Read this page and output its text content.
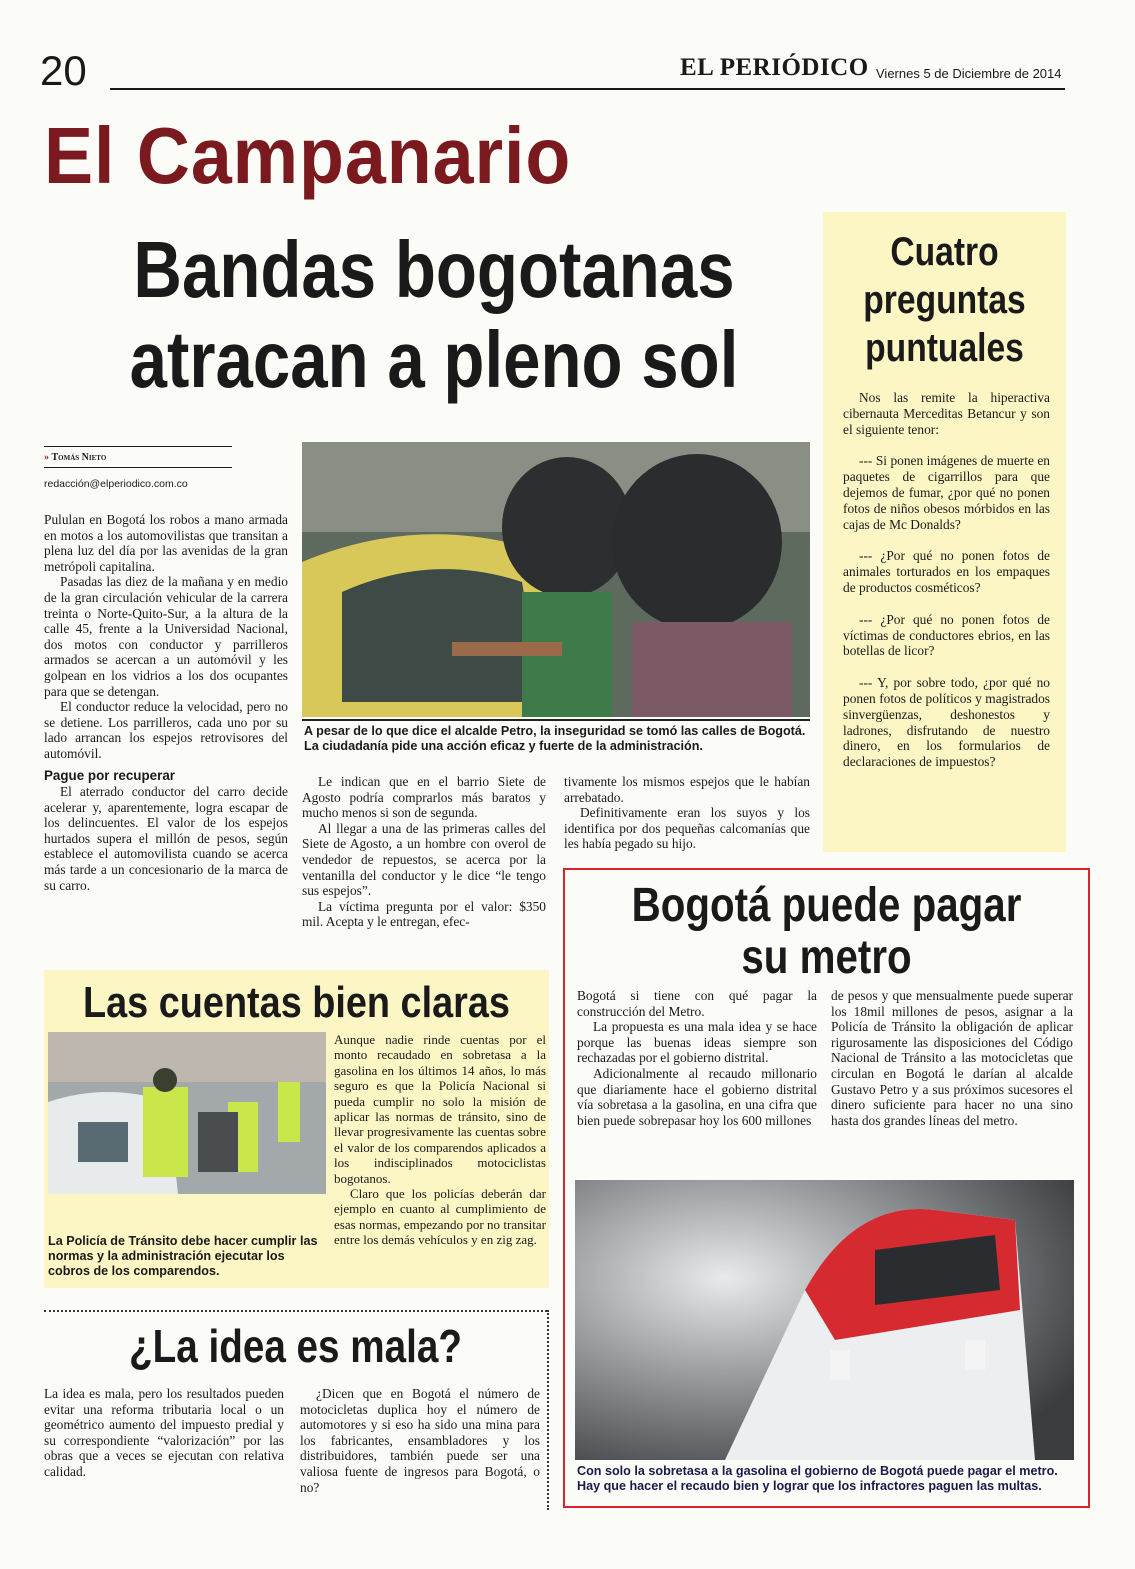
20	EL PERIÓDICO Viernes 5 de Diciembre de 2014
El Campanario
Bandas bogotanas
atracan a pleno sol
» Tomás Nieto
redacción@elperiodico.com.co

Pululan en Bogotá los robos a mano armada en motos a los automovilistas que transitan a plena luz del día por las avenidas de la gran metrópoli capitalina.

Pasadas las diez de la mañana y en medio de la gran circulación vehicular de la carrera treinta o Norte-Quito-Sur, a la altura de la calle 45, frente a la Universidad Nacional, dos motos con conductor y parrilleros armados se acercan a un automóvil y les golpean en los vidrios a los dos ocupantes para que se detengan.

El conductor reduce la velocidad, pero no se detiene. Los parrilleros, cada uno por su lado arrancan los espejos retrovisores del automóvil.

Pague por recuperar

El aterrado conductor del carro decide acelerar y, aparentemente, logra escapar de los delincuentes. El valor de los espejos hurtados supera el millón de pesos, según establece el automovilista cuando se acerca más tarde a un concesionario de la marca de su carro.

A pesar de lo que dice el alcalde Petro, la inseguridad se tomó las calles de Bogotá. La ciudadanía pide una acción eficaz y fuerte de la administración.

Le indican que en el barrio Siete de Agosto podría comprarlos más baratos y mucho menos si son de segunda.

Al llegar a una de las primeras calles del Siete de Agosto, a un hombre con overol de vendedor de repuestos, se acerca por la ventanilla del conductor y le dice “le tengo sus espejos”.

La víctima pregunta por el valor: $350 mil. Acepta y le entregan, efec-

tivamente los mismos espejos que le habían arrebatado.

Definitivamente eran los suyos y los identifica por dos pequeñas calcomanías que les había pegado su hijo.

Cuatro
preguntas
puntuales

Nos las remite la hiperactiva cibernauta Merceditas Betancur y son el siguiente tenor:

--- Si ponen imágenes de muerte en paquetes de cigarrillos para que dejemos de fumar, ¿por qué no ponen fotos de niños obesos mórbidos en las cajas de Mc Donalds?

--- ¿Por qué no ponen fotos de animales torturados en los empaques de productos cosméticos?

--- ¿Por qué no ponen fotos de víctimas de conductores ebrios, en las botellas de licor?

--- Y, por sobre todo, ¿por qué no ponen fotos de políticos y magistrados sinvergüenzas, deshonestos y ladrones, disfrutando de nuestro dinero, en los formularios de declaraciones de impuestos?

Las cuentas bien claras
La Policía de Tránsito debe hacer cumplir las normas y la administración ejecutar los cobros de los comparendos.

Aunque nadie rinde cuentas por el monto recaudado en sobretasa a la gasolina en los últimos 14 años, lo más seguro es que la Policía Nacional si pueda cumplir no solo la misión de aplicar las normas de tránsito, sino de llevar progresivamente las cuentas sobre el valor de los comparendos aplicados a los indisciplinados motociclistas bogotanos.

Claro que los policías deberán dar ejemplo en cuanto al cumplimiento de esas normas, empezando por no transitar entre los demás vehículos y en zig zag.

¿La idea es mala?

La idea es mala, pero los resultados pueden evitar una reforma tributaria local o un geométrico aumento del impuesto predial y su correspondiente “valorización” por las obras que a veces se ejecutan con relativa calidad.

¿Dicen que en Bogotá el número de motocicletas duplica hoy el número de automotores y si eso ha sido una mina para los fabricantes, ensambladores y los distribuidores, también puede ser una valiosa fuente de ingresos para Bogotá, o no?

Bogotá puede pagar
su metro

Bogotá si tiene con qué pagar la construcción del Metro.

La propuesta es una mala idea y se hace porque las buenas ideas siempre son rechazadas por el gobierno distrital.

Adicionalmente al recaudo millonario que diariamente hace el gobierno distrital vía sobretasa a la gasolina, en una cifra que bien puede sobrepasar hoy los 600 millones

de pesos y que mensualmente puede superar los 18mil millones de pesos, asignar a la Policía de Tránsito la obligación de aplicar rigurosamente las disposiciones del Código Nacional de Tránsito a las motocicletas que circulan en Bogotá le darían al alcalde Gustavo Petro y a sus próximos sucesores el dinero suficiente para hacer no una sino hasta dos grandes líneas del metro.

Con solo la sobretasa a la gasolina el gobierno de Bogotá puede pagar el metro. Hay que hacer el recaudo bien y lograr que los infractores paguen las multas.
